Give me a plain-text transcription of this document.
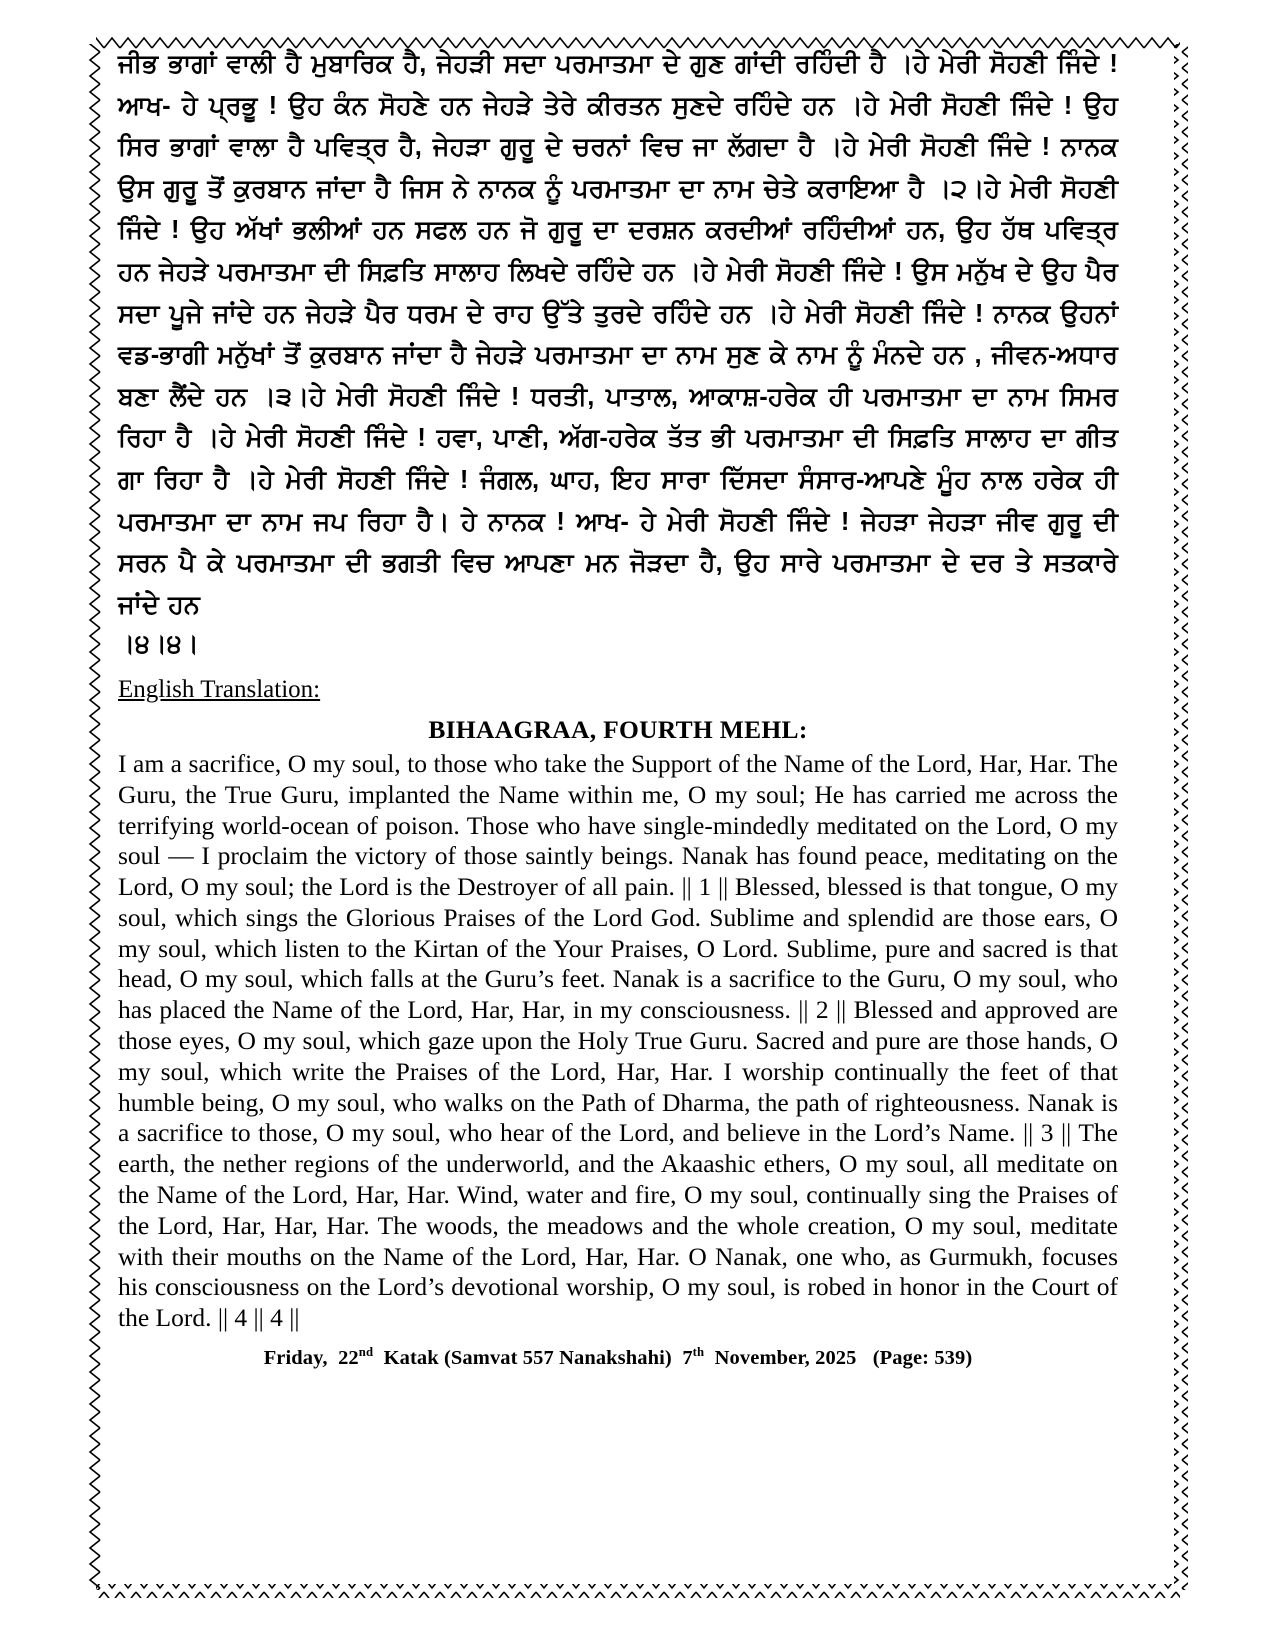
ਜੀਭ ਭਾਗਾਂ ਵਾਲੀ ਹੈ ਮੁਬਾਰਿਕ ਹੈ, ਜੇਹੜੀ ਸਦਾ ਪਰਮਾਤਮਾ ਦੇ ਗੁਣ ਗਾਂਦੀ ਰਹਿੰਦੀ ਹੈ ।ਹੇ ਮੇਰੀ ਸੋਹਣੀ ਜਿੰਦੇ ! ਆਖ- ਹੇ ਪ੍ਰਭੂ ! ਉਹ ਕੰਨ ਸੋਹਣੇ ਹਨ ਜੇਹੜੇ ਤੇਰੇ ਕੀਰਤਨ ਸੁਣਦੇ ਰਹਿੰਦੇ ਹਨ ।ਹੇ ਮੇਰੀ ਸੋਹਣੀ ਜਿੰਦੇ ! ਉਹ ਸਿਰ ਭਾਗਾਂ ਵਾਲਾ ਹੈ ਪਵਿਤ੍ਰ ਹੈ, ਜੇਹੜਾ ਗੁਰੂ ਦੇ ਚਰਨਾਂ ਵਿਚ ਜਾ ਲੱਗਦਾ ਹੈ ।ਹੇ ਮੇਰੀ ਸੋਹਣੀ ਜਿੰਦੇ ! ਨਾਨਕ ਉਸ ਗੁਰੂ ਤੋਂ ਕੁਰਬਾਨ ਜਾਂਦਾ ਹੈ ਜਿਸ ਨੇ ਨਾਨਕ ਨੂੰ ਪਰਮਾਤਮਾ ਦਾ ਨਾਮ ਚੇਤੇ ਕਰਾਇਆ ਹੈ ।੨।ਹੇ ਮੇਰੀ ਸੋਹਣੀ ਜਿੰਦੇ ! ਉਹ ਅੱਖਾਂ ਭਲੀਆਂ ਹਨ ਸਫਲ ਹਨ ਜੋ ਗੁਰੂ ਦਾ ਦਰਸ਼ਨ ਕਰਦੀਆਂ ਰਹਿੰਦੀਆਂ ਹਨ, ਉਹ ਹੱਥ ਪਵਿਤ੍ਰ ਹਨ ਜੇਹੜੇ ਪਰਮਾਤਮਾ ਦੀ ਸਿਫ਼ਤਿ ਸਾਲਾਹ ਲਿਖਦੇ ਰਹਿੰਦੇ ਹਨ ।ਹੇ ਮੇਰੀ ਸੋਹਣੀ ਜਿੰਦੇ ! ਉਸ ਮਨੁੱਖ ਦੇ ਉਹ ਪੈਰ ਸਦਾ ਪੂਜੇ ਜਾਂਦੇ ਹਨ ਜੇਹੜੇ ਪੈਰ ਧਰਮ ਦੇ ਰਾਹ ਉੱਤੇ ਤੁਰਦੇ ਰਹਿੰਦੇ ਹਨ ।ਹੇ ਮੇਰੀ ਸੋਹਣੀ ਜਿੰਦੇ ! ਨਾਨਕ ਉਹਨਾਂ ਵਡ-ਭਾਗੀ ਮਨੁੱਖਾਂ ਤੋਂ ਕੁਰਬਾਨ ਜਾਂਦਾ ਹੈ ਜੇਹੜੇ ਪਰਮਾਤਮਾ ਦਾ ਨਾਮ ਸੁਣ ਕੇ ਨਾਮ ਨੂੰ ਮੰਨਦੇ ਹਨ , ਜੀਵਨ-ਅਧਾਰ ਬਣਾ ਲੈਂਦੇ ਹਨ ।੩।ਹੇ ਮੇਰੀ ਸੋਹਣੀ ਜਿੰਦੇ ! ਧਰਤੀ, ਪਾਤਾਲ, ਆਕਾਸ਼-ਹਰੇਕ ਹੀ ਪਰਮਾਤਮਾ ਦਾ ਨਾਮ ਸਿਮਰ ਰਿਹਾ ਹੈ ।ਹੇ ਮੇਰੀ ਸੋਹਣੀ ਜਿੰਦੇ ! ਹਵਾ, ਪਾਣੀ, ਅੱਗ-ਹਰੇਕ ਤੱਤ ਭੀ ਪਰਮਾਤਮਾ ਦੀ ਸਿਫ਼ਤਿ ਸਾਲਾਹ ਦਾ ਗੀਤ ਗਾ ਰਿਹਾ ਹੈ ।ਹੇ ਮੇਰੀ ਸੋਹਣੀ ਜਿੰਦੇ ! ਜੰਗਲ, ਘਾਹ, ਇਹ ਸਾਰਾ ਦਿੱਸਦਾ ਸੰਸਾਰ-ਆਪਣੇ ਮੂੰਹ ਨਾਲ ਹਰੇਕ ਹੀ ਪਰਮਾਤਮਾ ਦਾ ਨਾਮ ਜਪ ਰਿਹਾ ਹੈ। ਹੇ ਨਾਨਕ ! ਆਖ- ਹੇ ਮੇਰੀ ਸੋਹਣੀ ਜਿੰਦੇ ! ਜੇਹੜਾ ਜੇਹੜਾ ਜੀਵ ਗੁਰੂ ਦੀ ਸਰਨ ਪੈ ਕੇ ਪਰਮਾਤਮਾ ਦੀ ਭਗਤੀ ਵਿਚ ਆਪਣਾ ਮਨ ਜੋੜਦਾ ਹੈ, ਉਹ ਸਾਰੇ ਪਰਮਾਤਮਾ ਦੇ ਦਰ ਤੇ ਸਤਕਾਰੇ ਜਾਂਦੇ ਹਨ
।੪।੪।
English Translation:
BIHAAGRAA, FOURTH MEHL:
I am a sacrifice, O my soul, to those who take the Support of the Name of the Lord, Har, Har. The Guru, the True Guru, implanted the Name within me, O my soul; He has carried me across the terrifying world-ocean of poison. Those who have single-mindedly meditated on the Lord, O my soul — I proclaim the victory of those saintly beings. Nanak has found peace, meditating on the Lord, O my soul; the Lord is the Destroyer of all pain. || 1 || Blessed, blessed is that tongue, O my soul, which sings the Glorious Praises of the Lord God. Sublime and splendid are those ears, O my soul, which listen to the Kirtan of the Your Praises, O Lord. Sublime, pure and sacred is that head, O my soul, which falls at the Guru’s feet. Nanak is a sacrifice to the Guru, O my soul, who has placed the Name of the Lord, Har, Har, in my consciousness. || 2 || Blessed and approved are those eyes, O my soul, which gaze upon the Holy True Guru. Sacred and pure are those hands, O my soul, which write the Praises of the Lord, Har, Har. I worship continually the feet of that humble being, O my soul, who walks on the Path of Dharma, the path of righteousness. Nanak is a sacrifice to those, O my soul, who hear of the Lord, and believe in the Lord’s Name. || 3 || The earth, the nether regions of the underworld, and the Akaashic ethers, O my soul, all meditate on the Name of the Lord, Har, Har. Wind, water and fire, O my soul, continually sing the Praises of the Lord, Har, Har, Har. The woods, the meadows and the whole creation, O my soul, meditate with their mouths on the Name of the Lord, Har, Har. O Nanak, one who, as Gurmukh, focuses his consciousness on the Lord’s devotional worship, O my soul, is robed in honor in the Court of the Lord. || 4 || 4 ||
Friday, 22nd Katak (Samvat 557 Nanakshahi) 7th November, 2025 (Page: 539)
